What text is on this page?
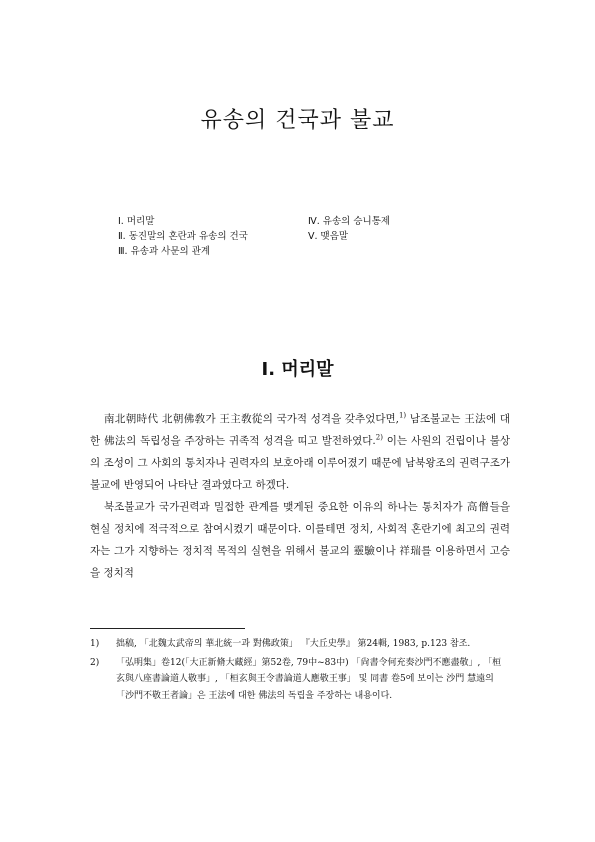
유송의 건국과 불교
Ⅰ. 머리말
Ⅱ. 동진말의 혼란과 유송의 건국
Ⅲ. 유송과 사문의 관계
Ⅳ. 유송의 승니통제
Ⅴ. 맺음말
Ⅰ. 머리말

南北朝時代 北朝佛敎가 王主敎從의 국가적 성격을 갖추었다면,$^{1)}$ 남조불교는 王法에 대한 佛法의 독립성을 주장하는 귀족적 성격을 띠고 발전하였다.$^{2)}$ 이는 사원의 건립이나 불상의 조성이 그 사회의 통치자나 권력자의 보호아래 이루어졌기 때문에 남북왕조의 권력구조가 불교에 반영되어 나타난 결과였다고 하겠다.

북조불교가 국가권력과 밀접한 관계를 맺게된 중요한 이유의 하나는 통치자가 高僧들을 현실 정치에 적극적으로 참여시켰기 때문이다. 이를테면 정치, 사회적 혼란기에 최고의 권력자는 그가 지향하는 정치적 목적의 실현을 위해서 불교의 靈驗이나 祥瑞를 이용하면서 고승을 정치적

1) 拙稿, 「北魏太武帝의 華北統一과 對佛政策」 『大丘史學』 第24輯, 1983, p.123 참조.
2) 「弘明集」卷12(「大正新脩大藏經」第52卷, 79中~83中) 「尙書令何充奏沙門不應盡敬」, 「桓玄與八座書論道人敬事」, 「桓玄與王令書論道人應敬王事」 및 同書 卷5에 보이는 沙門 慧遠의 「沙門不敬王者論」은 王法에 대한 佛法의 독립을 주장하는 내용이다.
